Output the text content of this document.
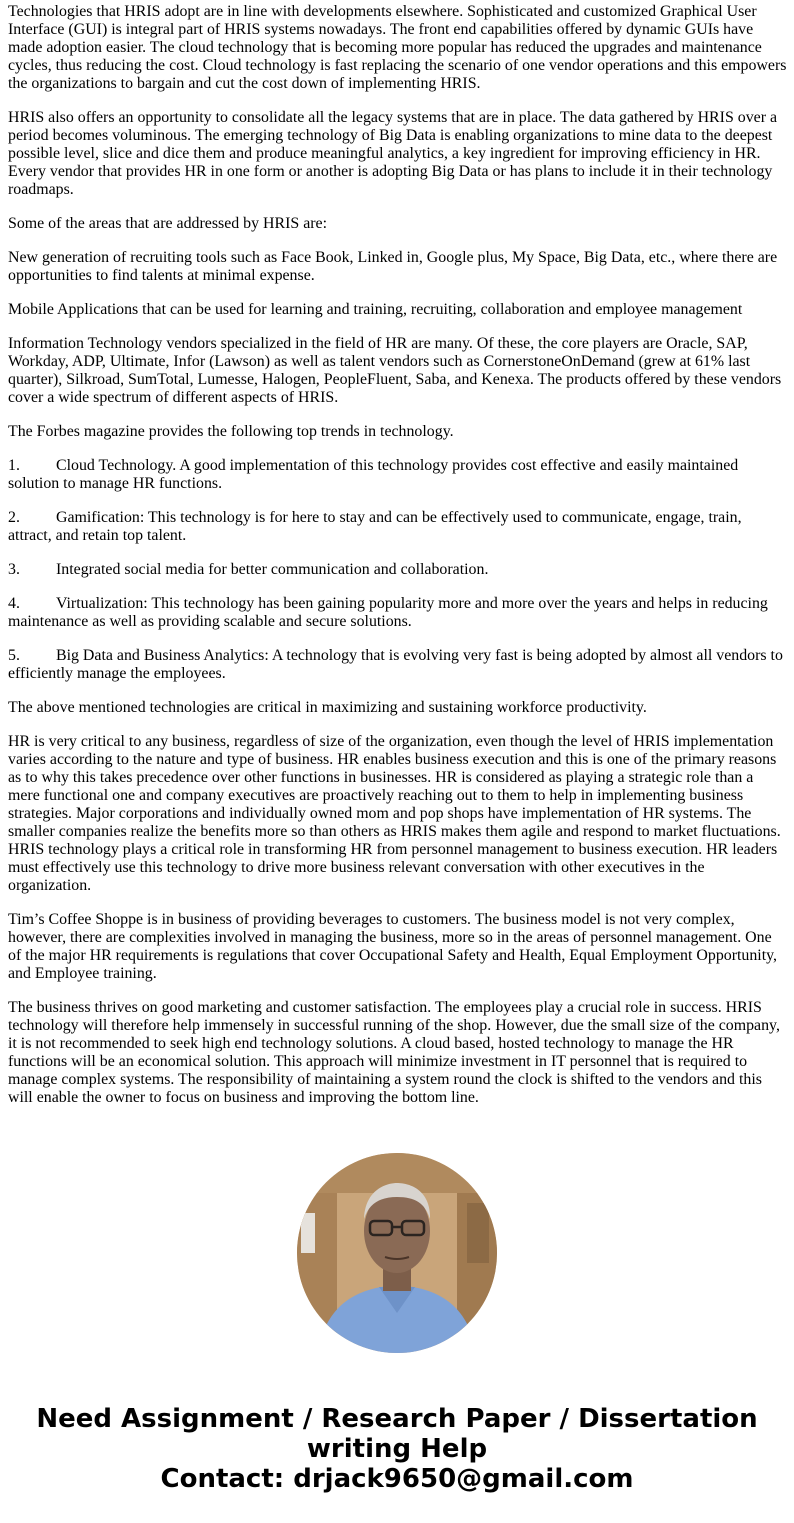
Technologies that HRIS adopt are in line with developments elsewhere. Sophisticated and customized Graphical User Interface (GUI) is integral part of HRIS systems nowadays. The front end capabilities offered by dynamic GUIs have made adoption easier. The cloud technology that is becoming more popular has reduced the upgrades and maintenance cycles, thus reducing the cost. Cloud technology is fast replacing the scenario of one vendor operations and this empowers the organizations to bargain and cut the cost down of implementing HRIS.

HRIS also offers an opportunity to consolidate all the legacy systems that are in place. The data gathered by HRIS over a period becomes voluminous. The emerging technology of Big Data is enabling organizations to mine data to the deepest possible level, slice and dice them and produce meaningful analytics, a key ingredient for improving efficiency in HR. Every vendor that provides HR in one form or another is adopting Big Data or has plans to include it in their technology roadmaps.

Some of the areas that are addressed by HRIS are:

New generation of recruiting tools such as Face Book, Linked in, Google plus, My Space, Big Data, etc., where there are opportunities to find talents at minimal expense.

Mobile Applications that can be used for learning and training, recruiting, collaboration and employee management

Information Technology vendors specialized in the field of HR are many. Of these, the core players are Oracle, SAP, Workday, ADP, Ultimate, Infor (Lawson) as well as talent vendors such as CornerstoneOnDemand (grew at 61% last quarter), Silkroad, SumTotal, Lumesse, Halogen, PeopleFluent, Saba, and Kenexa. The products offered by these vendors cover a wide spectrum of different aspects of HRIS.

The Forbes magazine provides the following top trends in technology.

1. Cloud Technology. A good implementation of this technology provides cost effective and easily maintained solution to manage HR functions.

2. Gamification: This technology is for here to stay and can be effectively used to communicate, engage, train, attract, and retain top talent.

3. Integrated social media for better communication and collaboration.

4. Virtualization: This technology has been gaining popularity more and more over the years and helps in reducing maintenance as well as providing scalable and secure solutions.

5. Big Data and Business Analytics: A technology that is evolving very fast is being adopted by almost all vendors to efficiently manage the employees.

The above mentioned technologies are critical in maximizing and sustaining workforce productivity.

HR is very critical to any business, regardless of size of the organization, even though the level of HRIS implementation varies according to the nature and type of business. HR enables business execution and this is one of the primary reasons as to why this takes precedence over other functions in businesses. HR is considered as playing a strategic role than a mere functional one and company executives are proactively reaching out to them to help in implementing business strategies. Major corporations and individually owned mom and pop shops have implementation of HR systems. The smaller companies realize the benefits more so than others as HRIS makes them agile and respond to market fluctuations. HRIS technology plays a critical role in transforming HR from personnel management to business execution. HR leaders must effectively use this technology to drive more business relevant conversation with other executives in the organization.

Tim’s Coffee Shoppe is in business of providing beverages to customers. The business model is not very complex, however, there are complexities involved in managing the business, more so in the areas of personnel management. One of the major HR requirements is regulations that cover Occupational Safety and Health, Equal Employment Opportunity, and Employee training.

The business thrives on good marketing and customer satisfaction. The employees play a crucial role in success. HRIS technology will therefore help immensely in successful running of the shop. However, due the small size of the company, it is not recommended to seek high end technology solutions. A cloud based, hosted technology to manage the HR functions will be an economical solution. This approach will minimize investment in IT personnel that is required to manage complex systems. The responsibility of maintaining a system round the clock is shifted to the vendors and this will enable the owner to focus on business and improving the bottom line.

Need Assignment / Research Paper / Dissertation
writing Help
Contact: drjack9650@gmail.com
